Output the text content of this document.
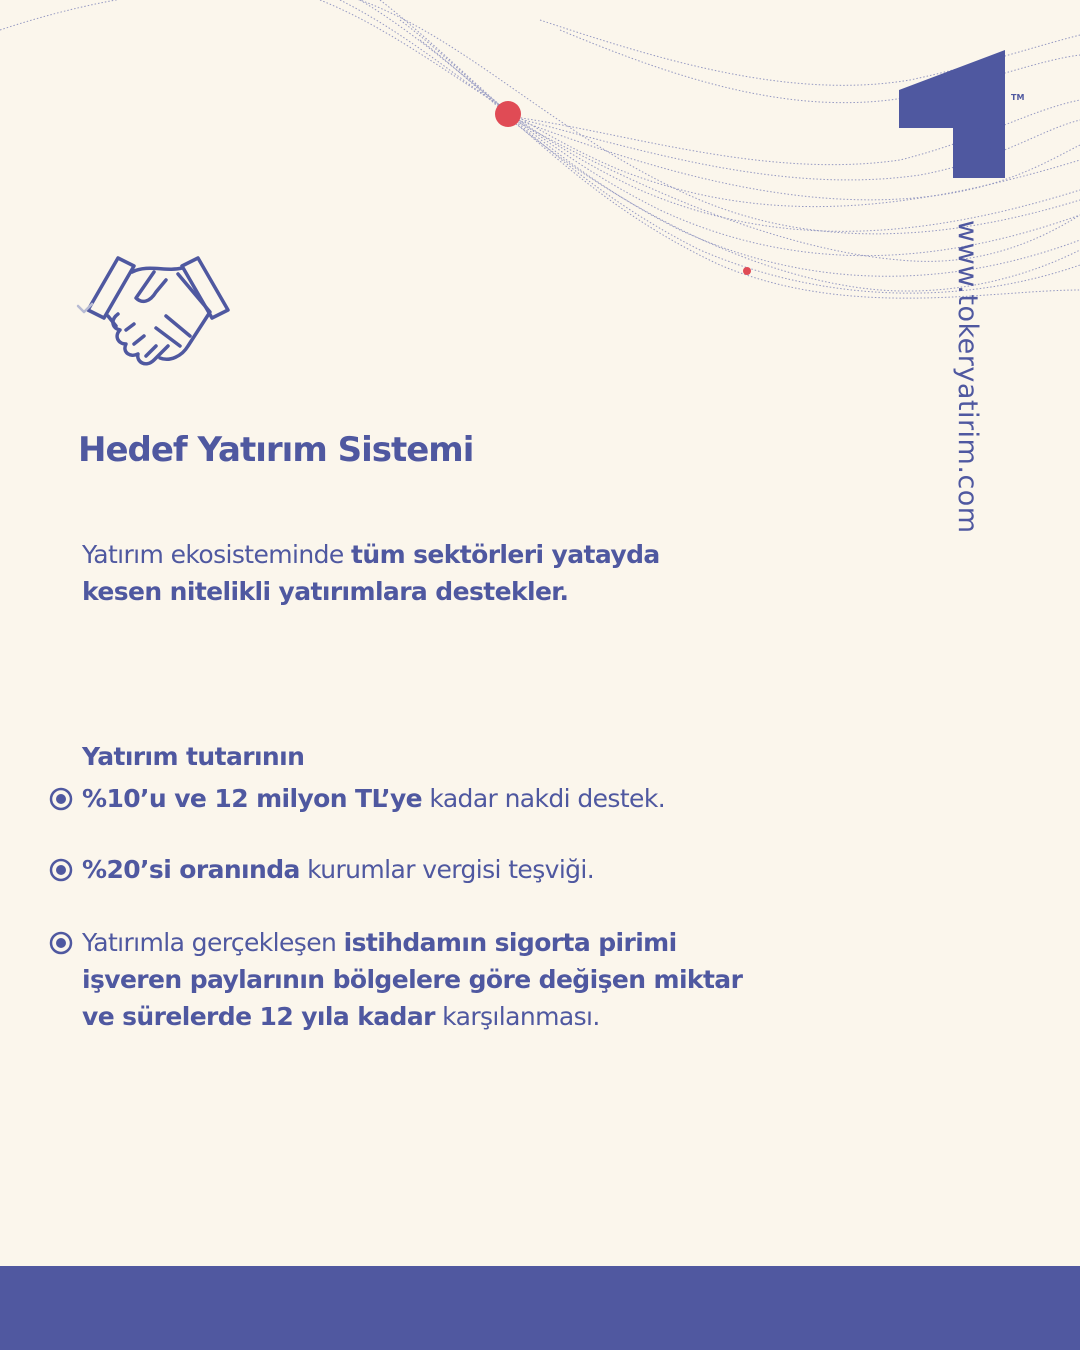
TM
www.tokeryatirim.com
Hedef Yatırım Sistemi

Yatırım ekosisteminde tüm sektörleri yatayda kesen nitelikli yatırımlara destekler.

Yatırım tutarının

%10’u ve 12 milyon TL’ye kadar nakdi destek.

%20’si oranında kurumlar vergisi teşviği.

Yatırımla gerçekleşen istihdamın sigorta pirimi işveren paylarının bölgelere göre değişen miktar ve sürelerde 12 yıla kadar karşılanması.
